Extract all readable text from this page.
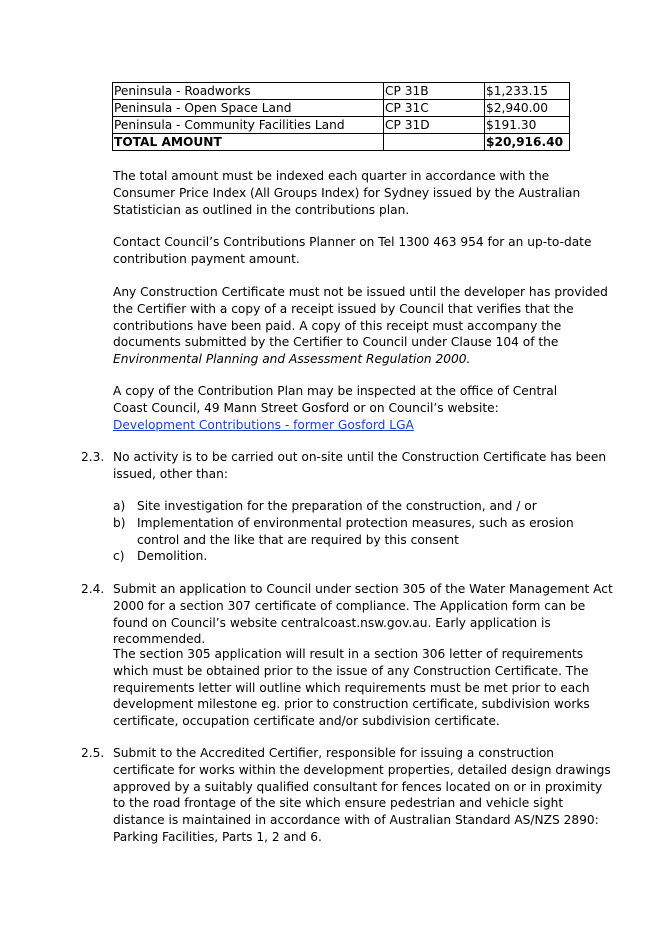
Peninsula - Roadworks	CP 31B	$1,233.15
Peninsula - Open Space Land	CP 31C	$2,940.00
Peninsula - Community Facilities Land	CP 31D	$191.30
TOTAL AMOUNT		$20,916.40

The total amount must be indexed each quarter in accordance with the Consumer Price Index (All Groups Index) for Sydney issued by the Australian Statistician as outlined in the contributions plan.

Contact Council’s Contributions Planner on Tel 1300 463 954 for an up-to-date contribution payment amount.

Any Construction Certificate must not be issued until the developer has provided the Certifier with a copy of a receipt issued by Council that verifies that the contributions have been paid. A copy of this receipt must accompany the documents submitted by the Certifier to Council under Clause 104 of the Environmental Planning and Assessment Regulation 2000.

A copy of the Contribution Plan may be inspected at the office of Central
Coast Council, 49 Mann Street Gosford or on Council’s website:
Development Contributions - former Gosford LGA

2.3. No activity is to be carried out on-site until the Construction Certificate has been issued, other than:

a) Site investigation for the preparation of the construction, and / or

b) Implementation of environmental protection measures, such as erosion control and the like that are required by this consent

c) Demolition.

2.4. Submit an application to Council under section 305 of the Water Management Act 2000 for a section 307 certificate of compliance. The Application form can be found on Council’s website centralcoast.nsw.gov.au. Early application is recommended.

The section 305 application will result in a section 306 letter of requirements which must be obtained prior to the issue of any Construction Certificate. The requirements letter will outline which requirements must be met prior to each development milestone eg. prior to construction certificate, subdivision works certificate, occupation certificate and/or subdivision certificate.

2.5. Submit to the Accredited Certifier, responsible for issuing a construction certificate for works within the development properties, detailed design drawings approved by a suitably qualified consultant for fences located on or in proximity to the road frontage of the site which ensure pedestrian and vehicle sight distance is maintained in accordance with of Australian Standard AS/NZS 2890: Parking Facilities, Parts 1, 2 and 6.
